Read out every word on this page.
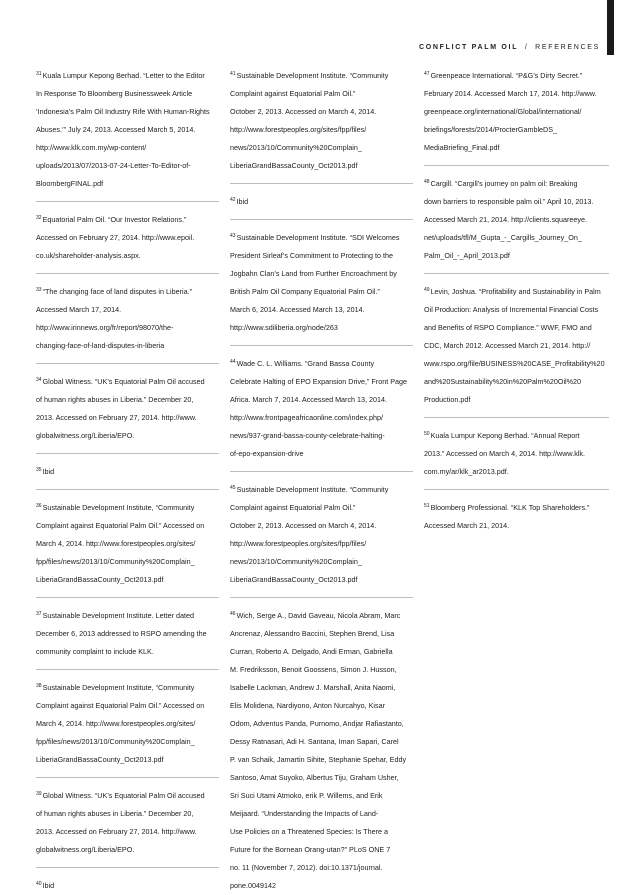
CONFLICT PALM OIL / REFERENCES
$^{31}$Kuala Lumpur Kepong Berhad. “Letter to the Editor
In Response To Bloomberg Businessweek Article
‘Indonesia’s Palm Oil Industry Rife With Human-Rights
Abuses.’” July 24, 2013. Accessed March 5, 2014.
http://www.klk.com.my/wp-content/
uploads/2013/07/2013-07-24-Letter-To-Editor-of-
BloombergFINAL.pdf
$^{32}$Equatorial Palm Oil. “Our Investor Relations.”
Accessed on February 27, 2014. http://www.epoil.
co.uk/shareholder-analysis.aspx.
$^{33}$“The changing face of land disputes in Liberia.”
Accessed March 17, 2014.
http://www.irinnews.org/fr/report/98070/the-
changing-face-of-land-disputes-in-liberia
$^{34}$Global Witness. “UK’s Equatorial Palm Oil accused
of human rights abuses in Liberia.” December 20,
2013. Accessed on February 27, 2014. http://www.
globalwitness.org/Liberia/EPO.
$^{35}$Ibid
$^{36}$Sustainable Development Institute, “Community
Complaint against Equatorial Palm Oil.” Accessed on
March 4, 2014. http://www.forestpeoples.org/sites/
fpp/files/news/2013/10/Community%20Complain_
LiberiaGrandBassaCounty_Oct2013.pdf
$^{37}$Sustainable Development Institute. Letter dated
December 6, 2013 addressed to RSPO amending the
community complaint to include KLK.
$^{38}$Sustainable Development Institute, “Community
Complaint against Equatorial Palm Oil.” Accessed on
March 4, 2014. http://www.forestpeoples.org/sites/
fpp/files/news/2013/10/Community%20Complain_
LiberiaGrandBassaCounty_Oct2013.pdf
$^{39}$Global Witness. “UK’s Equatorial Palm Oil accused
of human rights abuses in Liberia.” December 20,
2013. Accessed on February 27, 2014. http://www.
globalwitness.org/Liberia/EPO.
$^{40}$Ibid
$^{41}$Sustainable Development Institute. “Community
Complaint against Equatorial Palm Oil.”
October 2, 2013. Accessed on March 4, 2014.
http://www.forestpeoples.org/sites/fpp/files/
news/2013/10/Community%20Complain_
LiberiaGrandBassaCounty_Oct2013.pdf
$^{42}$Ibid
$^{43}$Sustainable Development Institute. “SDI Welcomes
President Sirleaf’s Commitment to Protecting to the
Jogbahn Clan’s Land from Further Encroachment by
British Palm Oil Company Equatorial Palm Oil.”
March 6, 2014. Accessed March 13, 2014.
http://www.sdiliberia.org/node/263
$^{44}$Wade C. L. Williams. “Grand Bassa County
Celebrate Halting of EPO Expansion Drive,” Front Page
Africa. March 7, 2014. Accessed March 13, 2014.
http://www.frontpageafricaonline.com/index.php/
news/937-grand-bassa-county-celebrate-halting-
of-epo-expansion-drive
$^{45}$Sustainable Development Institute. “Community
Complaint against Equatorial Palm Oil.”
October 2, 2013. Accessed on March 4, 2014.
http://www.forestpeoples.org/sites/fpp/files/
news/2013/10/Community%20Complain_
LiberiaGrandBassaCounty_Oct2013.pdf
$^{46}$Wich, Serge A., David Gaveau, Nicola Abram, Marc
Ancrenaz, Alessandro Baccini, Stephen Brend, Lisa
Curran, Roberto A. Delgado, Andi Erman, Gabriella
M. Fredriksson, Benoit Goossens, Simon J. Husson,
Isabelle Lackman, Andrew J. Marshall, Anita Naomi,
Elis Molidena, Nardiyono, Anton Nurcahyo, Kisar
Odom, Adventus Panda, Purnomo, Andjar Rafiastanto,
Dessy Ratnasari, Adi H. Santana, Iman Sapari, Carel
P. van Schaik, Jamartin Sihite, Stephanie Spehar, Eddy
Santoso, Amat Suyoko, Albertus Tiju, Graham Usher,
Sri Suci Utami Atmoko, erik P. Willems, and Erik
Meijaard. “Understanding the Impacts of Land-
Use Policies on a Threatened Species: Is There a
Future for the Bornean Orang-utan?” PLoS ONE 7
no. 11 (November 7, 2012). doi:10.1371/journal.
pone.0049142
$^{47}$Greenpeace International. “P&G’s Dirty Secret.”
February 2014. Accessed March 17, 2014. http://www.
greenpeace.org/international/Global/international/
briefings/forests/2014/ProcterGambleDS_
MediaBriefing_Final.pdf
$^{48}$Cargill. “Cargill’s journey on palm oil: Breaking
down barriers to responsible palm oil.” April 10, 2013.
Accessed March 21, 2014. http://clients.squareeye.
net/uploads/tfl/M_Gupta_-_Cargills_Journey_On_
Palm_Oil_-_April_2013.pdf
$^{49}$Levin, Joshua. “Profitability and Sustainability in Palm
Oil Production: Analysis of Incremental Financial Costs
and Benefits of RSPO Compliance.” WWF, FMO and
CDC, March 2012. Accessed March 21, 2014. http://
www.rspo.org/file/BUSINESS%20CASE_Profitability%20
and%20Sustainability%20in%20Palm%20Oil%20
Production.pdf
$^{50}$Kuala Lumpur Kepong Berhad. “Annual Report
2013.” Accessed on March 4, 2014. http://www.klk.
com.my/ar/klk_ar2013.pdf.
$^{51}$Bloomberg Professional. “KLK Top Shareholders.”
Accessed March 21, 2014.
